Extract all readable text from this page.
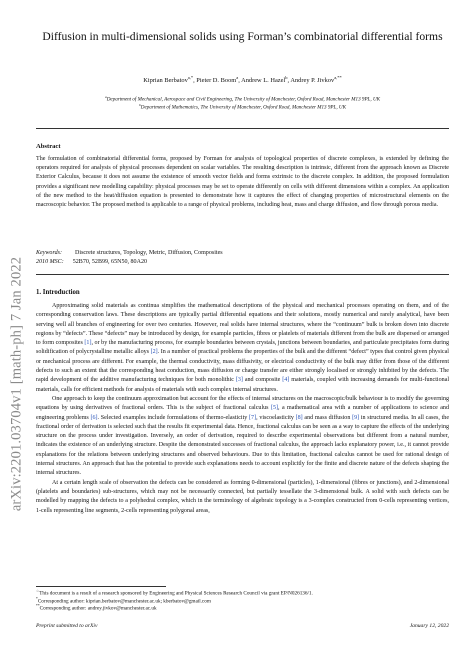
arXiv:2201.03704v1 [math-ph] 7 Jan 2022
Diffusion in multi-dimensional solids using Forman’s combinatorial differential forms
Kiprian Berbatov$^{a,*}$, Pieter D. Boom$^a$, Andrew L. Hazel$^b$, Andrey P. Jivkov$^{a,**}$
$^a$Department of Mechanical, Aerospace and Civil Engineering, The University of Manchester, Oxford Road, Manchester M13 9PL, UK
$^b$Department of Mathematics, The University of Manchester, Oxford Road, Manchester M13 9PL, UK
Abstract
The formulation of combinatorial differential forms, proposed by Forman for analysis of topological properties of discrete complexes, is extended by defining the operators required for analysis of physical processes dependent on scalar variables. The resulting description is intrinsic, different from the approach known as Discrete Exterior Calculus, because it does not assume the existence of smooth vector fields and forms extrinsic to the discrete complex. In addition, the proposed formulation provides a significant new modelling capability: physical processes may be set to operate differently on cells with different dimensions within a complex. An application of the new method to the heat/diffusion equation is presented to demonstrate how it captures the effect of changing properties of microstructural elements on the macroscopic behavior. The proposed method is applicable to a range of physical problems, including heat, mass and charge diffusion, and flow through porous media.
Keywords: Discrete structures, Topology, Metric, Diffusion, Composites
2010 MSC: 52B70, 52B99, 65N50, 80A20
1. Introduction

Approximating solid materials as continua simplifies the mathematical descriptions of the physical and mechanical processes operating on them, and of the corresponding conservation laws. These descriptions are typically partial differential equations and their solutions, mostly numerical and rarely analytical, have been serving well all branches of engineering for over two centuries. However, real solids have internal structures, where the “continuum” bulk is broken down into discrete regions by “defects”. These “defects” may be introduced by design, for example particles, fibres or platelets of materials different from the bulk are dispersed or arranged to form composites [1], or by the manufacturing process, for example boundaries between crystals, junctions between boundaries, and particulate precipitates form during solidification of polycrystalline metallic alloys [2]. In a number of practical problems the properties of the bulk and the different “defect” types that control given physical or mechanical process are different. For example, the thermal conductivity, mass diffusivity, or electrical conductivity of the bulk may differ from those of the different defects to such an extent that the corresponding heat conduction, mass diffusion or charge transfer are either strongly localised or strongly inhibited by the defects. The rapid development of the additive manufacturing techniques for both monolithic [3] and composite [4] materials, coupled with increasing demands for multi-functional materials, calls for efficient methods for analysis of materials with such complex internal structures.

One approach to keep the continuum approximation but account for the effects of internal structures on the macroscopic/bulk behaviour is to modify the governing equations by using derivatives of fractional orders. This is the subject of fractional calculus [5], a mathematical area with a number of applications to science and engineering problems [6]. Selected examples include formulations of thermo-elasticity [7], viscoelasticity [8] and mass diffusion [9] in structured media. In all cases, the fractional order of derivation is selected such that the results fit experimental data. Hence, fractional calculus can be seen as a way to capture the effects of the underlying structure on the process under investigation. Inversely, an order of derivation, required to describe experimental observations but different from a natural number, indicates the existence of an underlying structure. Despite the demonstrated successes of fractional calculus, the approach lacks explanatory power, i.e., it cannot provide explanations for the relations between underlying structures and observed behaviours. Due to this limitation, fractional calculus cannot be used for rational design of internal structures. An approach that has the potential to provide such explanations needs to account explicitly for the finite and discrete nature of the defects shaping the internal structures.

At a certain length scale of observation the defects can be considered as forming 0-dimensional (particles), 1-dimensional (fibres or junctions), and 2-dimensional (platelets and boundaries) sub-structures, which may not be necessarily connected, but partially tessellate the 3-dimensional bulk. A solid with such defects can be modelled by mapping the defects to a polyhedral complex, which in the terminology of algebraic topology is a 3-complex constructed from 0-cells representing vertices, 1-cells representing line segments, 2-cells representing polygonal areas,

☆This document is a result of a research sponsored by Engineering and Physical Sciences Research Council via grant EP/N026136/1.
*Corresponding author: kiprian.berbatov@manchester.ac.uk; kberbatov@gmail.com
**Corresponding author: andrey.jivkov@manchester.ac.uk
Preprint submitted to arXiv	January 12, 2022
